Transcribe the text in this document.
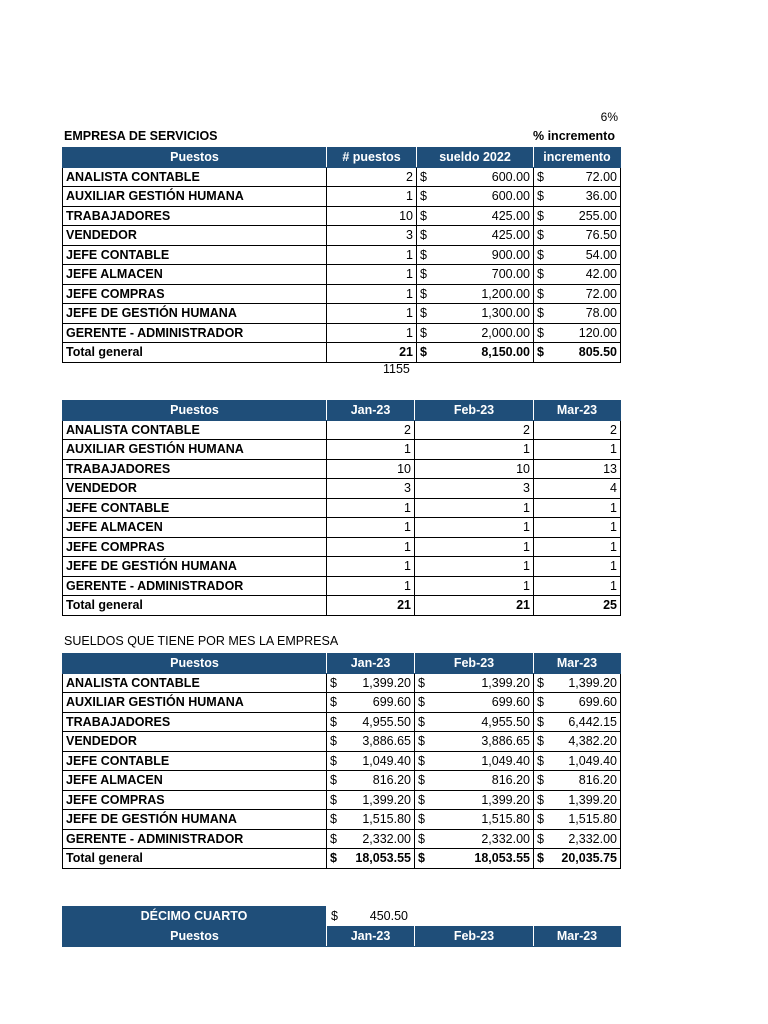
6%
EMPRESA DE SERVICIOS	% incremento
Puestos	# puestos	sueldo 2022	incremento
ANALISTA CONTABLE	2	$ 600.00	$ 72.00
AUXILIAR GESTIÓN HUMANA	1	$ 600.00	$ 36.00
TRABAJADORES	10	$ 425.00	$ 255.00
VENDEDOR	3	$ 425.00	$ 76.50
JEFE CONTABLE	1	$ 900.00	$ 54.00
JEFE ALMACEN	1	$ 700.00	$ 42.00
JEFE COMPRAS	1	$ 1,200.00	$ 72.00
JEFE DE GESTIÓN HUMANA	1	$ 1,300.00	$ 78.00
GERENTE - ADMINISTRADOR	1	$ 2,000.00	$ 120.00
Total general	21	$ 8,150.00	$ 805.50
1155
Puestos	Jan-23	Feb-23	Mar-23
ANALISTA CONTABLE	2	2	2
AUXILIAR GESTIÓN HUMANA	1	1	1
TRABAJADORES	10	10	13
VENDEDOR	3	3	4
JEFE CONTABLE	1	1	1
JEFE ALMACEN	1	1	1
JEFE COMPRAS	1	1	1
JEFE DE GESTIÓN HUMANA	1	1	1
GERENTE - ADMINISTRADOR	1	1	1
Total general	21	21	25
SUELDOS QUE TIENE POR MES LA EMPRESA
Puestos	Jan-23	Feb-23	Mar-23
ANALISTA CONTABLE	$ 1,399.20	$ 1,399.20	$ 1,399.20
AUXILIAR GESTIÓN HUMANA	$ 699.60	$ 699.60	$ 699.60
TRABAJADORES	$ 4,955.50	$ 4,955.50	$ 6,442.15
VENDEDOR	$ 3,886.65	$ 3,886.65	$ 4,382.20
JEFE CONTABLE	$ 1,049.40	$ 1,049.40	$ 1,049.40
JEFE ALMACEN	$ 816.20	$ 816.20	$ 816.20
JEFE COMPRAS	$ 1,399.20	$ 1,399.20	$ 1,399.20
JEFE DE GESTIÓN HUMANA	$ 1,515.80	$ 1,515.80	$ 1,515.80
GERENTE - ADMINISTRADOR	$ 2,332.00	$ 2,332.00	$ 2,332.00
Total general	$ 18,053.55	$ 18,053.55	$ 20,035.75
DÉCIMO CUARTO	$	450.50
Puestos	Jan-23	Feb-23	Mar-23
